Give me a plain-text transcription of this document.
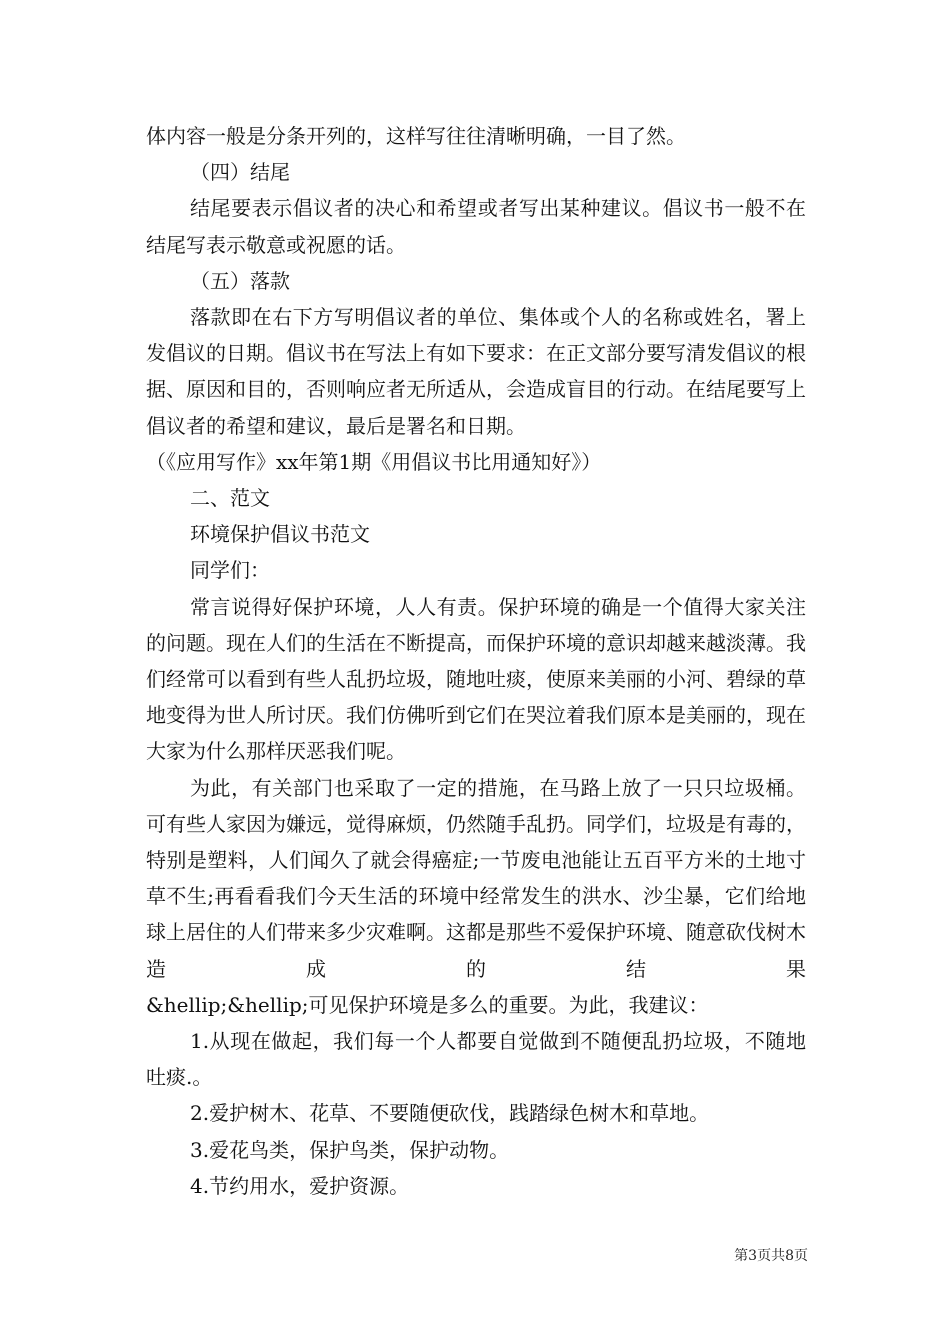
体内容一般是分条开列的，这样写往往清晰明确，一目了然。

（四）结尾

结尾要表示倡议者的决心和希望或者写出某种建议。倡议书一般不在结尾写表示敬意或祝愿的话。

（五）落款

落款即在右下方写明倡议者的单位、集体或个人的名称或姓名，署上发倡议的日期。倡议书在写法上有如下要求：在正文部分要写清发倡议的根据、原因和目的，否则响应者无所适从，会造成盲目的行动。在结尾要写上倡议者的希望和建议，最后是署名和日期。

（《应用写作》xx年第1期《用倡议书比用通知好》）

二、范文

环境保护倡议书范文

同学们：

常言说得好保护环境，人人有责。保护环境的确是一个值得大家关注的问题。现在人们的生活在不断提高，而保护环境的意识却越来越淡薄。我们经常可以看到有些人乱扔垃圾，随地吐痰，使原来美丽的小河、碧绿的草地变得为世人所讨厌。我们仿佛听到它们在哭泣着我们原本是美丽的，现在大家为什么那样厌恶我们呢。

为此，有关部门也采取了一定的措施，在马路上放了一只只垃圾桶。可有些人家因为嫌远，觉得麻烦，仍然随手乱扔。同学们，垃圾是有毒的，特别是塑料，人们闻久了就会得癌症;一节废电池能让五百平方米的土地寸草不生;再看看我们今天生活的环境中经常发生的洪水、沙尘暴，它们给地球上居住的人们带来多少灾难啊。这都是那些不爱保护环境、随意砍伐树木造成的结果

&hellip;&hellip;可见保护环境是多么的重要。为此，我建议：

1.从现在做起，我们每一个人都要自觉做到不随便乱扔垃圾，不随地吐痰.。

2.爱护树木、花草、不要随便砍伐，践踏绿色树木和草地。

3.爱花鸟类，保护鸟类，保护动物。

4.节约用水，爱护资源。

第3页共8页
